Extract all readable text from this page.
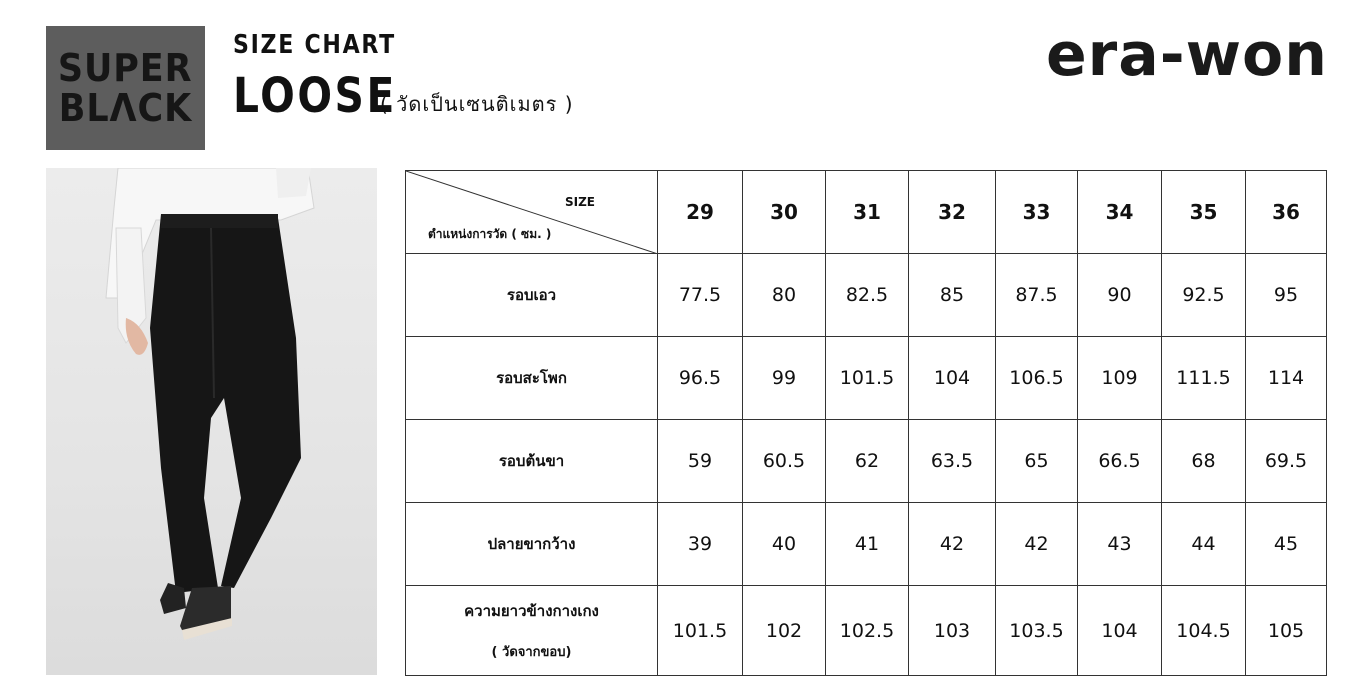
SUPER
BLΛCK
SIZE CHART
LOOSE
( วัดเป็นเซนติเมตร )
era-won
SIZE
ตำแหน่งการวัด ( ซม. )	29	30	31	32	33	34	35	36
รอบเอว	77.5	80	82.5	85	87.5	90	92.5	95
รอบสะโพก	96.5	99	101.5	104	106.5	109	111.5	114
รอบต้นขา	59	60.5	62	63.5	65	66.5	68	69.5
ปลายขากว้าง	39	40	41	42	42	43	44	45
ความยาวข้างกางเกง
( วัดจากขอบ)	101.5	102	102.5	103	103.5	104	104.5	105
